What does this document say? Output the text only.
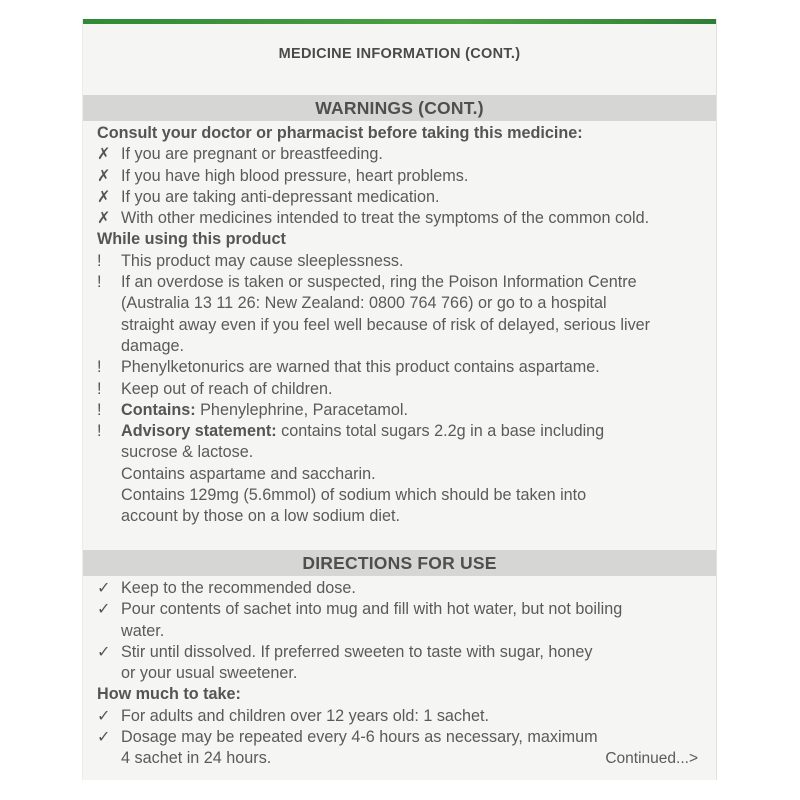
MEDICINE INFORMATION (CONT.)
WARNINGS (CONT.)
Consult your doctor or pharmacist before taking this medicine:
✗ If you are pregnant or breastfeeding.
✗ If you have high blood pressure, heart problems.
✗ If you are taking anti-depressant medication.
✗ With other medicines intended to treat the symptoms of the common cold.
While using this product
!	This product may cause sleeplessness.
!	If an overdose is taken or suspected, ring the Poison Information Centre
(Australia 13 11 26: New Zealand: 0800 764 766) or go to a hospital
straight away even if you feel well because of risk of delayed, serious liver
damage.
!	Phenylketonurics are warned that this product contains aspartame.
!	Keep out of reach of children.
!	Contains: Phenylephrine, Paracetamol.
!	Advisory statement: contains total sugars 2.2g in a base including
sucrose & lactose.
Contains aspartame and saccharin.
Contains 129mg (5.6mmol) of sodium which should be taken into
account by those on a low sodium diet.
DIRECTIONS FOR USE
✓ Keep to the recommended dose.
✓ Pour contents of sachet into mug and fill with hot water, but not boiling
water.
✓ Stir until dissolved. If preferred sweeten to taste with sugar, honey
or your usual sweetener.
How much to take:
✓ For adults and children over 12 years old: 1 sachet.
✓ Dosage may be repeated every 4-6 hours as necessary, maximum
4 sachet in 24 hours.	Continued...>
